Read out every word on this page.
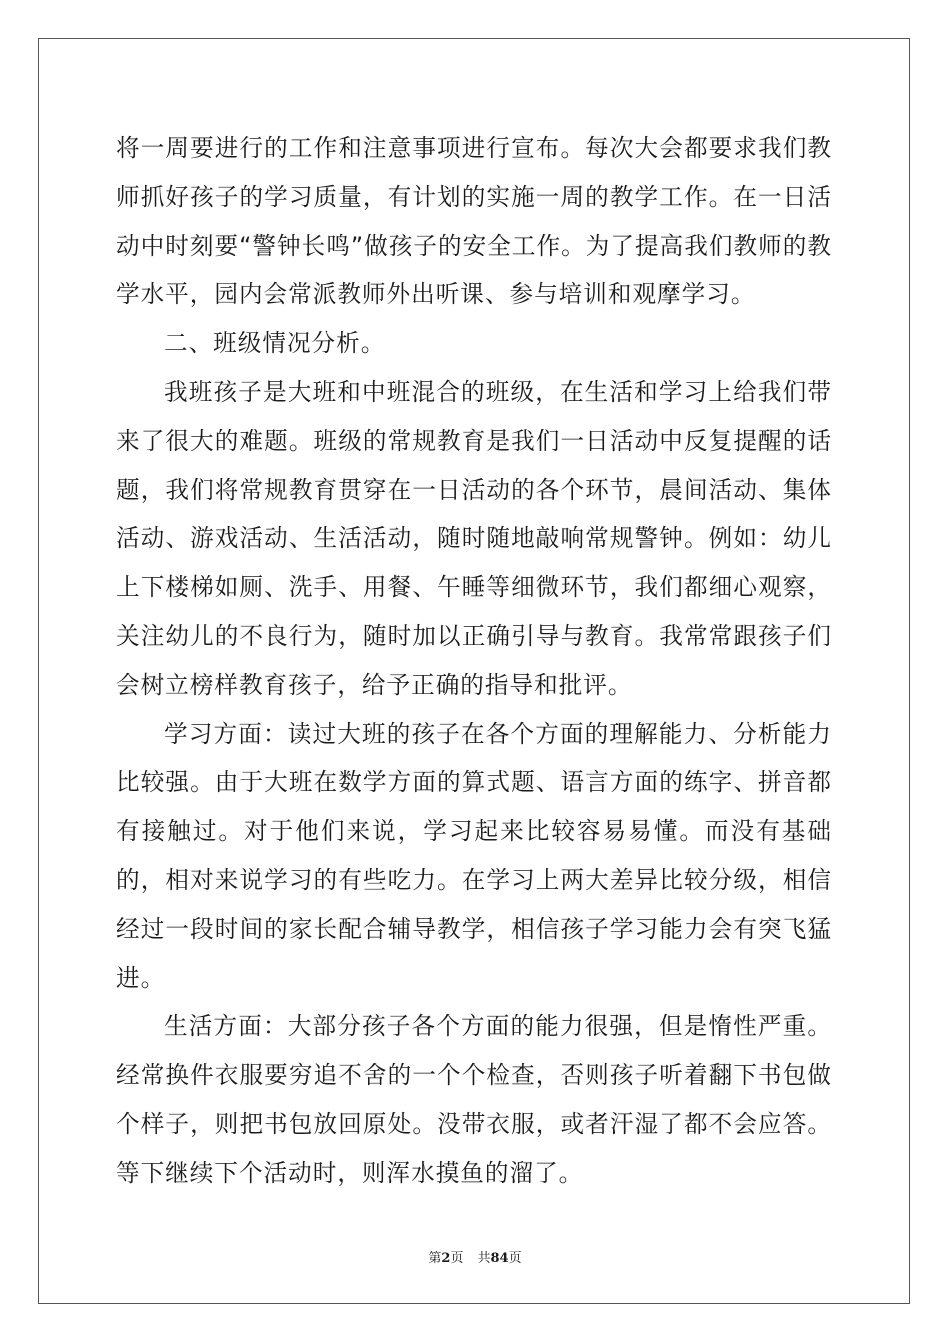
将一周要进行的工作和注意事项进行宣布。每次大会都要求我们教师抓好孩子的学习质量，有计划的实施一周的教学工作。在一日活动中时刻要“警钟长鸣”做孩子的安全工作。为了提高我们教师的教学水平，园内会常派教师外出听课、参与培训和观摩学习。

二、班级情况分析。

我班孩子是大班和中班混合的班级，在生活和学习上给我们带来了很大的难题。班级的常规教育是我们一日活动中反复提醒的话题，我们将常规教育贯穿在一日活动的各个环节，晨间活动、集体活动、游戏活动、生活活动，随时随地敲响常规警钟。例如：幼儿上下楼梯如厕、洗手、用餐、午睡等细微环节，我们都细心观察，关注幼儿的不良行为，随时加以正确引导与教育。我常常跟孩子们会树立榜样教育孩子，给予正确的指导和批评。

学习方面：读过大班的孩子在各个方面的理解能力、分析能力比较强。由于大班在数学方面的算式题、语言方面的练字、拼音都有接触过。对于他们来说，学习起来比较容易易懂。而没有基础的，相对来说学习的有些吃力。在学习上两大差异比较分级，相信经过一段时间的家长配合辅导教学，相信孩子学习能力会有突飞猛进。

生活方面：大部分孩子各个方面的能力很强，但是惰性严重。经常换件衣服要穷追不舍的一个个检查，否则孩子听着翻下书包做个样子，则把书包放回原处。没带衣服，或者汗湿了都不会应答。等下继续下个活动时，则浑水摸鱼的溜了。

第2页 共84页
